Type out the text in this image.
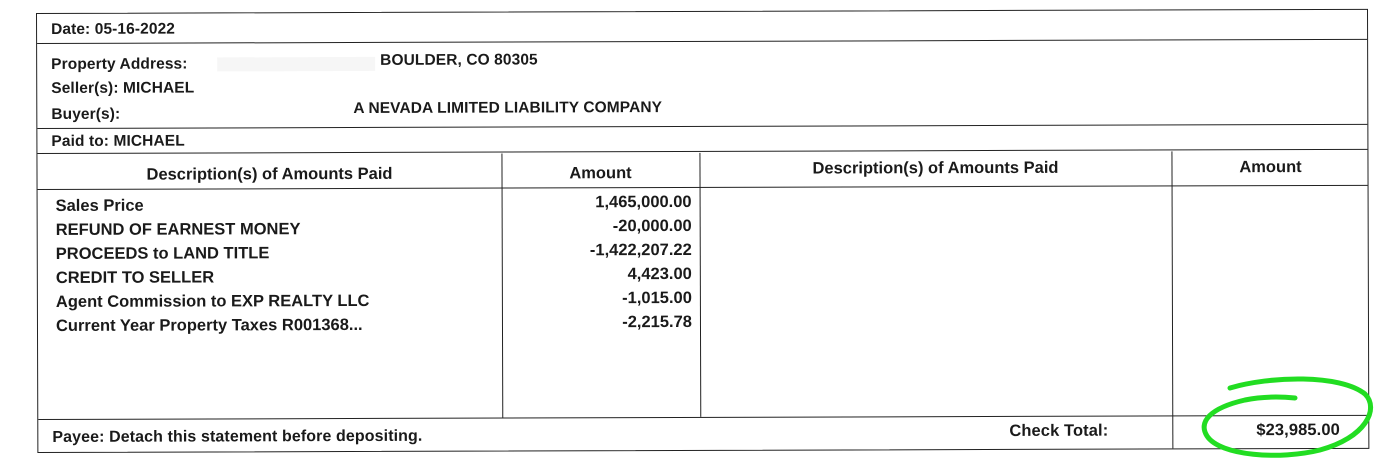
Date: 05-16-2022
Property Address:	BOULDER, CO 80305
Seller(s): MICHAEL
Buyer(s):	A NEVADA LIMITED LIABILITY COMPANY
Paid to: MICHAEL
Description(s) of Amounts Paid	Amount	Description(s) of Amounts Paid	Amount
Sales Price	1,465,000.00
REFUND OF EARNEST MONEY	-20,000.00
PROCEEDS to LAND TITLE	-1,422,207.22
CREDIT TO SELLER	4,423.00
Agent Commission to EXP REALTY LLC	-1,015.00
Current Year Property Taxes R001368...	-2,215.78
Payee: Detach this statement before depositing.	Check Total:	$23,985.00
